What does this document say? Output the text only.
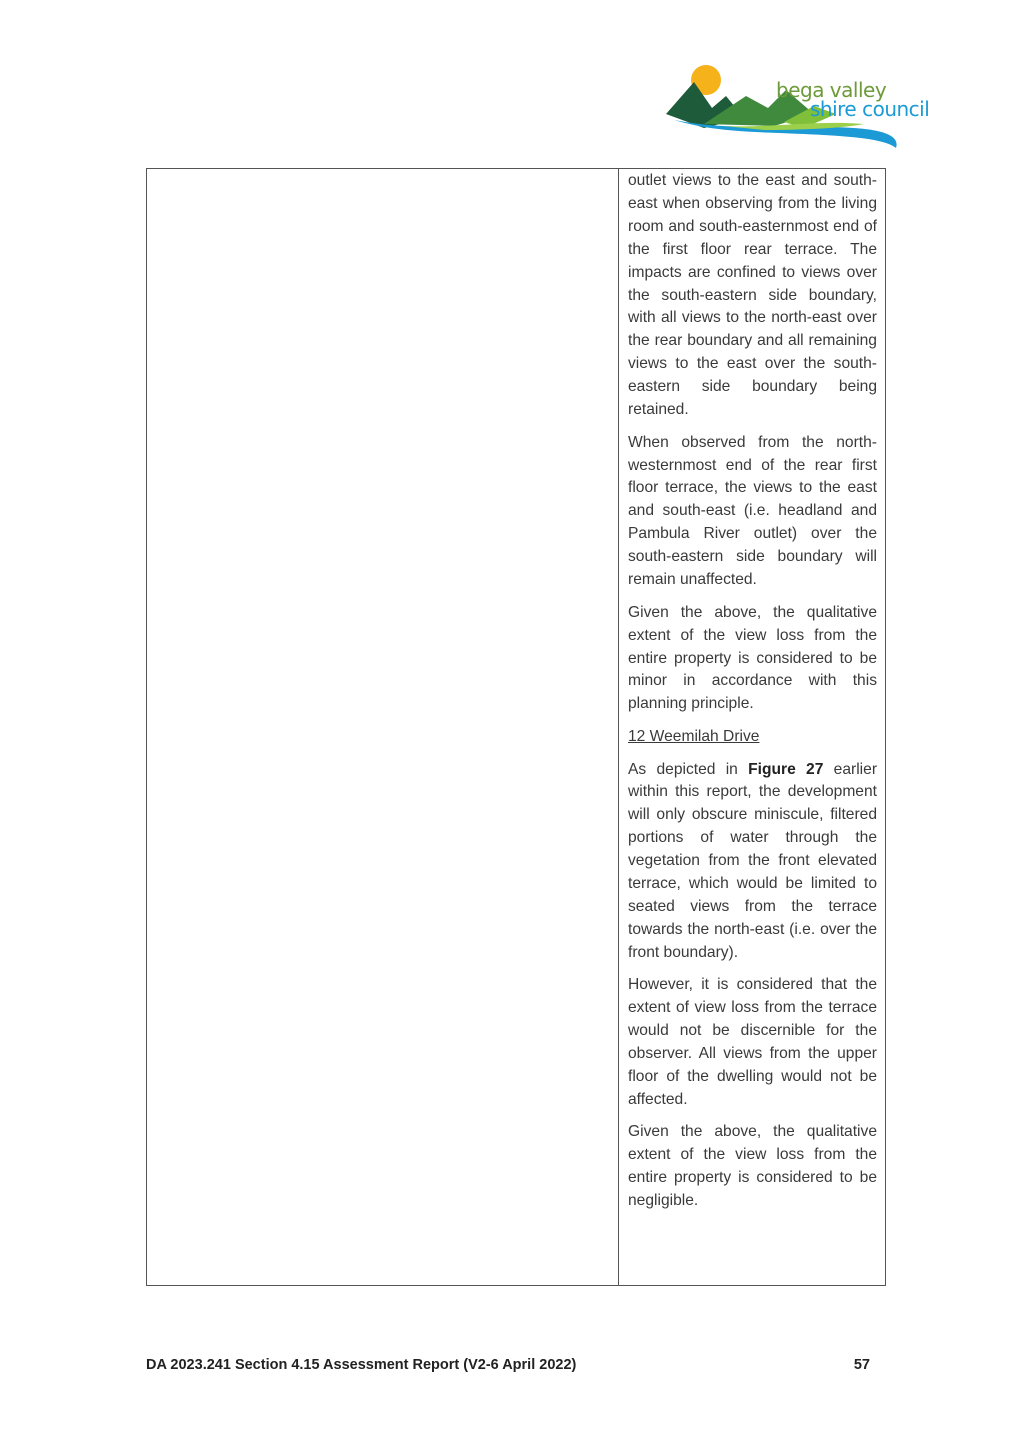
bega valley
shire council

outlet views to the east and south-east when observing from the living room and south-easternmost end of the first floor rear terrace. The impacts are confined to views over the south-eastern side boundary, with all views to the north-east over the rear boundary and all remaining views to the east over the south-eastern side boundary being retained.

When observed from the north-westernmost end of the rear first floor terrace, the views to the east and south-east (i.e. headland and Pambula River outlet) over the south-eastern side boundary will remain unaffected.

Given the above, the qualitative extent of the view loss from the entire property is considered to be minor in accordance with this planning principle.

12 Weemilah Drive

As depicted in Figure 27 earlier within this report, the development will only obscure miniscule, filtered portions of water through the vegetation from the front elevated terrace, which would be limited to seated views from the terrace towards the north-east (i.e. over the front boundary).

However, it is considered that the extent of view loss from the terrace would not be discernible for the observer. All views from the upper floor of the dwelling would not be affected.

Given the above, the qualitative extent of the view loss from the entire property is considered to be negligible.

DA 2023.241 Section 4.15 Assessment Report (V2-6 April 2022)	57
